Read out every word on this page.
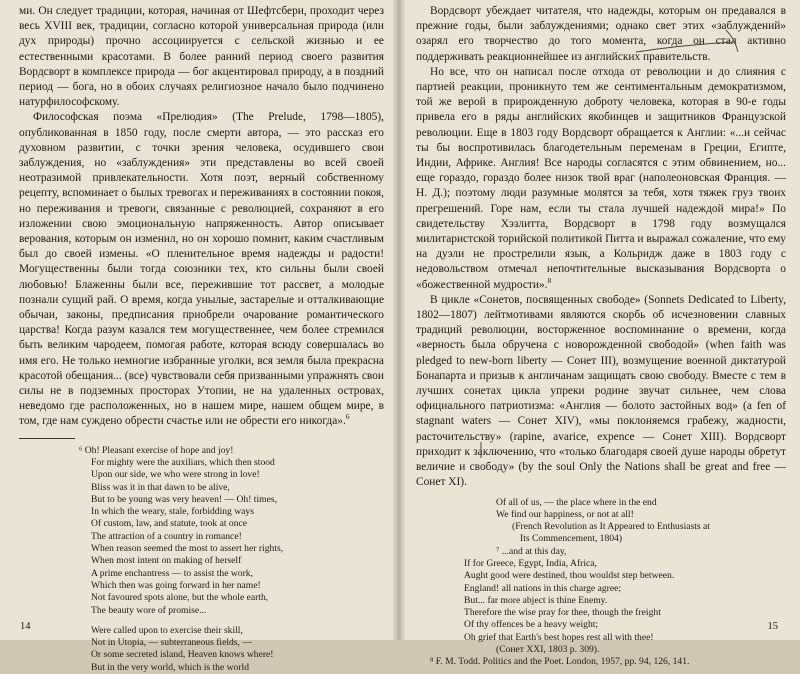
ми. Он следует традиции, которая, начиная от Шефтсбери, проходит через весь XVIII век, традиции, согласно которой универсальная природа (или дух природы) прочно ассоциируется с сельской жизнью и ее естественными красотами. В более ранний период своего развития Вордсворт в комплексе природа — бог акцентировал природу, а в поздний период — бога, но в обоих случаях религиозное начало было подчинено натурфилософскому.

Философская поэма «Прелюдия» (The Prelude, 1798—1805), опубликованная в 1850 году, после смерти автора, — это рассказ его духовном развитии, с точки зрения человека, осудившего свои заблуждения, но «заблуждения» эти представлены во всей своей неотразимой привлекательности. Хотя поэт, верный собственному рецепту, вспоминает о былых тревогах и переживаниях в состоянии покоя, но переживания и тревоги, связанные с революцией, сохраняют в его изложении свою эмоциональную напряженность. Автор описывает верования, которым он изменил, но он хорошо помнит, каким счастливым был до своей измены. «О пленительное время надежды и радости! Могущественны были тогда союзники тех, кто сильны были своей любовью! Блаженны были все, пережившие тот рассвет, а молодые познали сущий рай. О время, когда унылые, застарелые и отталкивающие обычаи, законы, предписания приобрели очарование романтического царства! Когда разум казался тем могущественнее, чем более стремился быть великим чародеем, помогая работе, которая всюду совершалась во имя его. Не только немногие избранные уголки, вся земля была прекрасна красотой обещания... (все) чувствовали себя призванными упражнять свои силы не в подземных просторах Утопии, не на удаленных островах, неведомо где расположенных, но в нашем мире, нашем общем мире, в том, где нам суждено обрести счастье или не обрести его никогда».$^6$

⁶ Oh! Pleasant exercise of hope and joy!
For mighty were the auxiliars, which then stood
Upon our side, we who were strong in love!
Bliss was it in that dawn to be alive,
But to be young was very heaven! — Oh! times,
In which the weary, stale, forbidding ways
Of custom, law, and statute, took at once
The attraction of a country in romance!
When reason seemed the most to assert her rights,
When most intent on making of herself
A prime enchantress — to assist the work,
Which then was going forward in her name!
Not favoured spots alone, but the whole earth,
The beauty wore of promise...
Were called upon to exercise their skill,
Not in Utopia, — subterraneous fields, —
Or some secreted island, Heaven knows where!
But in the very world, which is the world
14

Вордсворт убеждает читателя, что надежды, которым он предавался в прежние годы, были заблуждениями; однако свет этих «заблуждений» озарял его творчество до того момента, когда он стал активно поддерживать реакционнейшее из английских правительств.

Но все, что он написал после отхода от революции и до слияния с партией реакции, проникнуто тем же сентиментальным демократизмом, той же верой в прирожденную доброту человека, которая в 90-е годы привела его в ряды английских якобинцев и защитников Французской революции. Еще в 1803 году Вордсворт обращается к Англии: «...и сейчас ты бы воспротивилась благодетельным переменам в Греции, Египте, Индии, Африке. Англия! Все народы согласятся с этим обвинением, но... еще гораздо, гораздо более низок твой враг (наполеоновская Франция. — Н. Д.); поэтому люди разумные молятся за тебя, хотя тяжек груз твоих прегрешений. Горе нам, если ты стала лучшей надеждой мира!» По свидетельству Хэзлитта, Вордсворт в 1798 году возмущался милитаристской торийской политикой Питта и выражал сожаление, что ему на дуэли не прострелили язык, а Кольридж даже в 1803 году с недовольством отмечал непочтительные высказывания Вордсворта о «божественной мудрости».$^8$

В цикле «Сонетов, посвященных свободе» (Sonnets Dedicated to Liberty, 1802—1807) лейтмотивами являются скорбь об исчезновении славных традиций революции, восторженное воспоминание о времени, когда «верность была обручена с новорожденной свободой» (when faith was pledged to new-born liberty — Сонет III), возмущение военной диктатурой Бонапарта и призыв к англичанам защищать свою свободу. Вместе с тем в лучших сонетах цикла упреки родине звучат сильнее, чем слова официального патриотизма: «Англия — болото застойных вод» (a fen of stagnant waters — Сонет XIV), «мы поклоняемся грабежу, жадности, расточительству» (rapine, avarice, expence — Сонет XIII). Вордсворт приходит к заключению, что «только благодаря своей душе народы обретут величие и свободу» (by the soul Only the Nations shall be great and free — Сонет XI).

Of all of us, — the place where in the end
We find our happiness, or not at all!
(French Revolution as It Appeared to Enthusiasts at
Its Commencement, 1804)
⁷ ...and at this day,
If for Greece, Egypt, India, Africa,
Aught good were destined, thou wouldst step between.
England! all nations in this charge agree;
But... far more abject is thine Enemy.
Therefore the wise pray for thee, though the freight
Of thy offences be a heavy weight;
Oh grief that Earth's best hopes rest all with thee!
(Сонет XXI, 1803 p. 309).
⁸ F. M. Todd. Politics and the Poet. London, 1957, pp. 94, 126, 141.
15
